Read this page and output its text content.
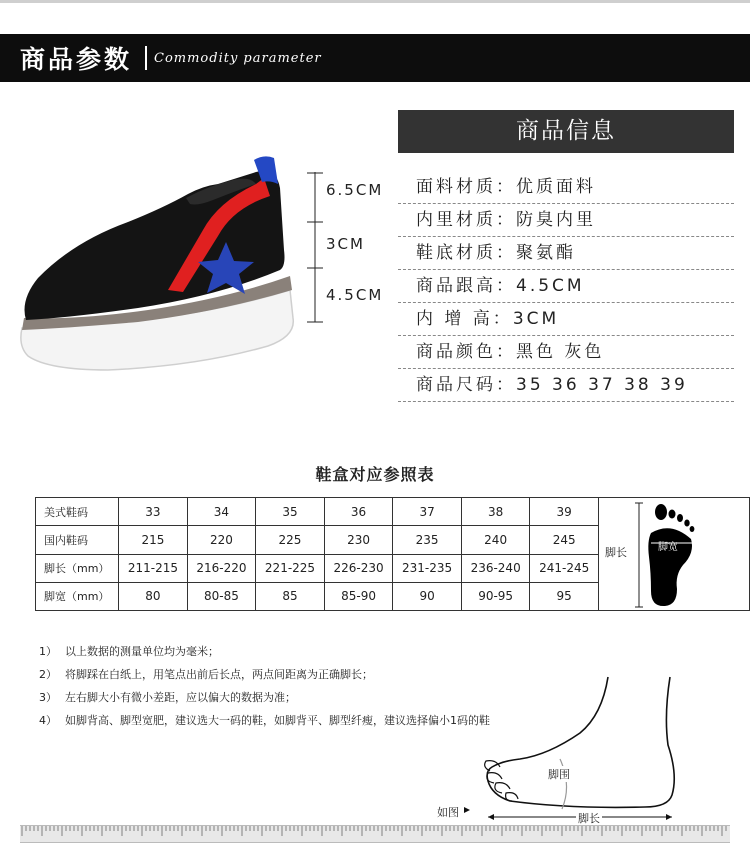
商品参数 Commodity parameter
6.5CM
3CM
4.5CM
商品信息
面料材质：优质面料
内里材质：防臭内里
鞋底材质：聚氨酯
商品跟高：4.5CM
内 增 高：3CM
商品颜色：黑色 灰色
商品尺码：35 36 37 38 39
鞋盒对应参照表
美式鞋码	33	34	35	36	37	38	39	脚长 脚宽

国内鞋码	215	220	225	230	235	240	245	
脚长（mm）	211-215	216-220	221-225	226-230	231-235	236-240	241-245	
脚宽（mm）	80	80-85	85	85-90	90	90-95	95	
1） 以上数据的测量单位均为毫米；
2） 将脚踩在白纸上，用笔点出前后长点，两点间距离为正确脚长；
3） 左右脚大小有微小差距，应以偏大的数据为准；
4） 如脚背高、脚型宽肥，建议选大一码的鞋，如脚背平、脚型纤瘦，建议选择偏小1码的鞋
脚围
如图	脚长
